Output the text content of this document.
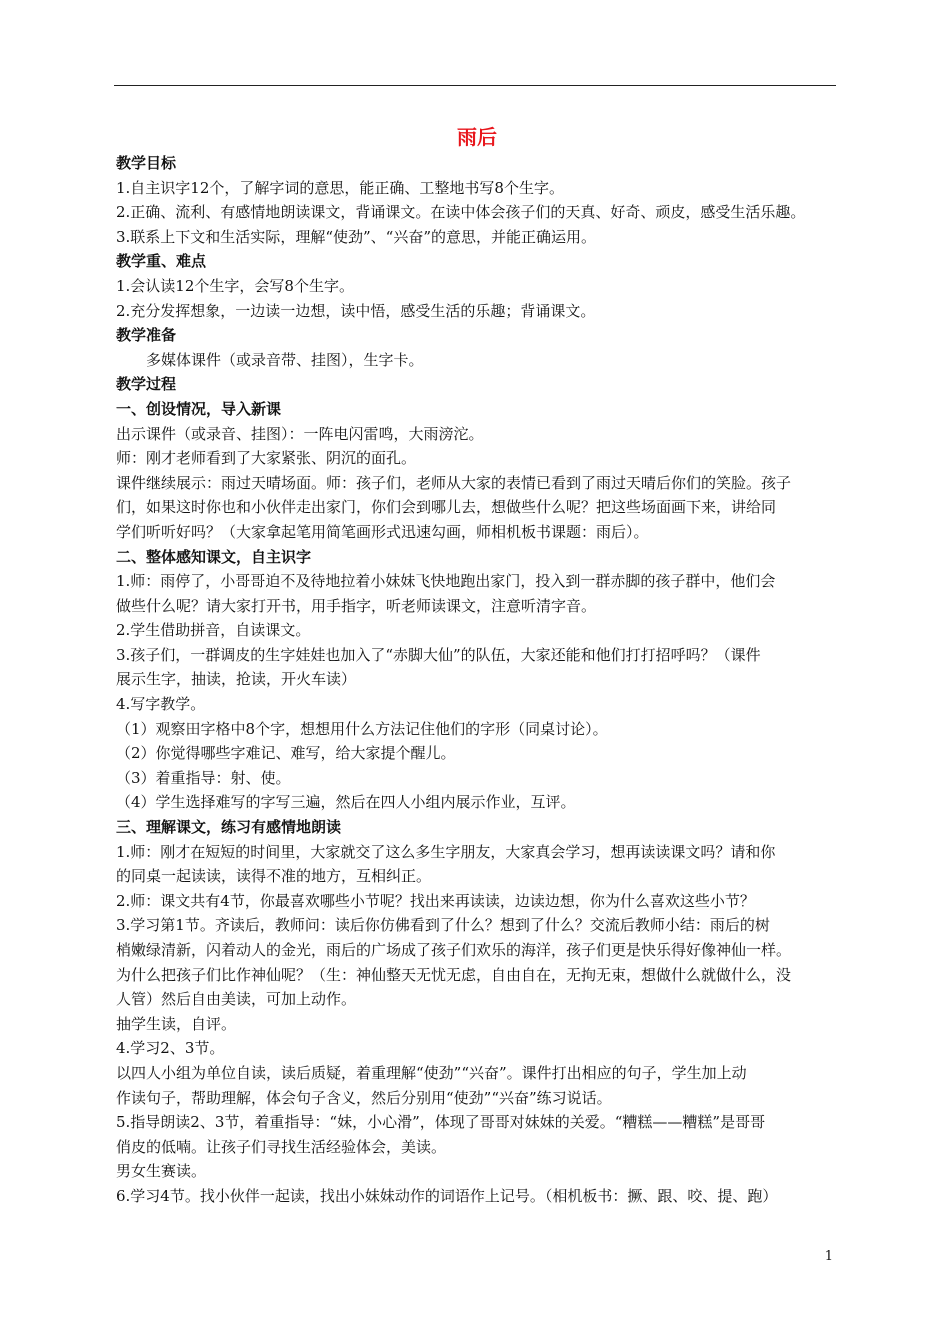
雨后
教学目标
1.自主识字12个，了解字词的意思，能正确、工整地书写8个生字。
2.正确、流利、有感情地朗读课文，背诵课文。在读中体会孩子们的天真、好奇、顽皮，感受生活乐趣。
3.联系上下文和生活实际，理解“使劲”、“兴奋”的意思，并能正确运用。
教学重、难点
1.会认读12个生字，会写8个生字。
2.充分发挥想象，一边读一边想，读中悟，感受生活的乐趣；背诵课文。
教学准备
多媒体课件（或录音带、挂图），生字卡。
教学过程
一、创设情况，导入新课
出示课件（或录音、挂图）：一阵电闪雷鸣，大雨滂沱。
师：刚才老师看到了大家紧张、阴沉的面孔。
课件继续展示：雨过天晴场面。师：孩子们，老师从大家的表情已看到了雨过天晴后你们的笑脸。孩子
们，如果这时你也和小伙伴走出家门，你们会到哪儿去，想做些什么呢？把这些场面画下来，讲给同
学们听听好吗？（大家拿起笔用简笔画形式迅速勾画，师相机板书课题：雨后）。
二、整体感知课文，自主识字
1.师：雨停了，小哥哥迫不及待地拉着小妹妹飞快地跑出家门，投入到一群赤脚的孩子群中，他们会
做些什么呢？请大家打开书，用手指字，听老师读课文，注意听清字音。
2.学生借助拼音，自读课文。
3.孩子们，一群调皮的生字娃娃也加入了“赤脚大仙”的队伍，大家还能和他们打打招呼吗？（课件
展示生字，抽读，抢读，开火车读）
4.写字教学。
（1）观察田字格中8个字，想想用什么方法记住他们的字形（同桌讨论）。
（2）你觉得哪些字难记、难写，给大家提个醒儿。
（3）着重指导：射、使。
（4）学生选择难写的字写三遍，然后在四人小组内展示作业，互评。
三、理解课文，练习有感情地朗读
1.师：刚才在短短的时间里，大家就交了这么多生字朋友，大家真会学习，想再读读课文吗？请和你
的同桌一起读读，读得不准的地方，互相纠正。
2.师：课文共有4节，你最喜欢哪些小节呢？找出来再读读，边读边想，你为什么喜欢这些小节？
3.学习第1节。齐读后，教师问：读后你仿佛看到了什么？想到了什么？交流后教师小结：雨后的树
梢嫩绿清新，闪着动人的金光，雨后的广场成了孩子们欢乐的海洋，孩子们更是快乐得好像神仙一样。
为什么把孩子们比作神仙呢？（生：神仙整天无忧无虑，自由自在，无拘无束，想做什么就做什么，没
人管）然后自由美读，可加上动作。
抽学生读，自评。
4.学习2、3节。
以四人小组为单位自读，读后质疑，着重理解“使劲”“兴奋”。课件打出相应的句子，学生加上动
作读句子，帮助理解，体会句子含义，然后分别用“使劲”“兴奋”练习说话。
5.指导朗读2、3节，着重指导：“妹，小心滑”，体现了哥哥对妹妹的关爱。“糟糕——糟糕”是哥哥
俏皮的低喃。让孩子们寻找生活经验体会，美读。
男女生赛读。
6.学习4节。找小伙伴一起读，找出小妹妹动作的词语作上记号。（相机板书：撅、跟、咬、提、跑）
1
